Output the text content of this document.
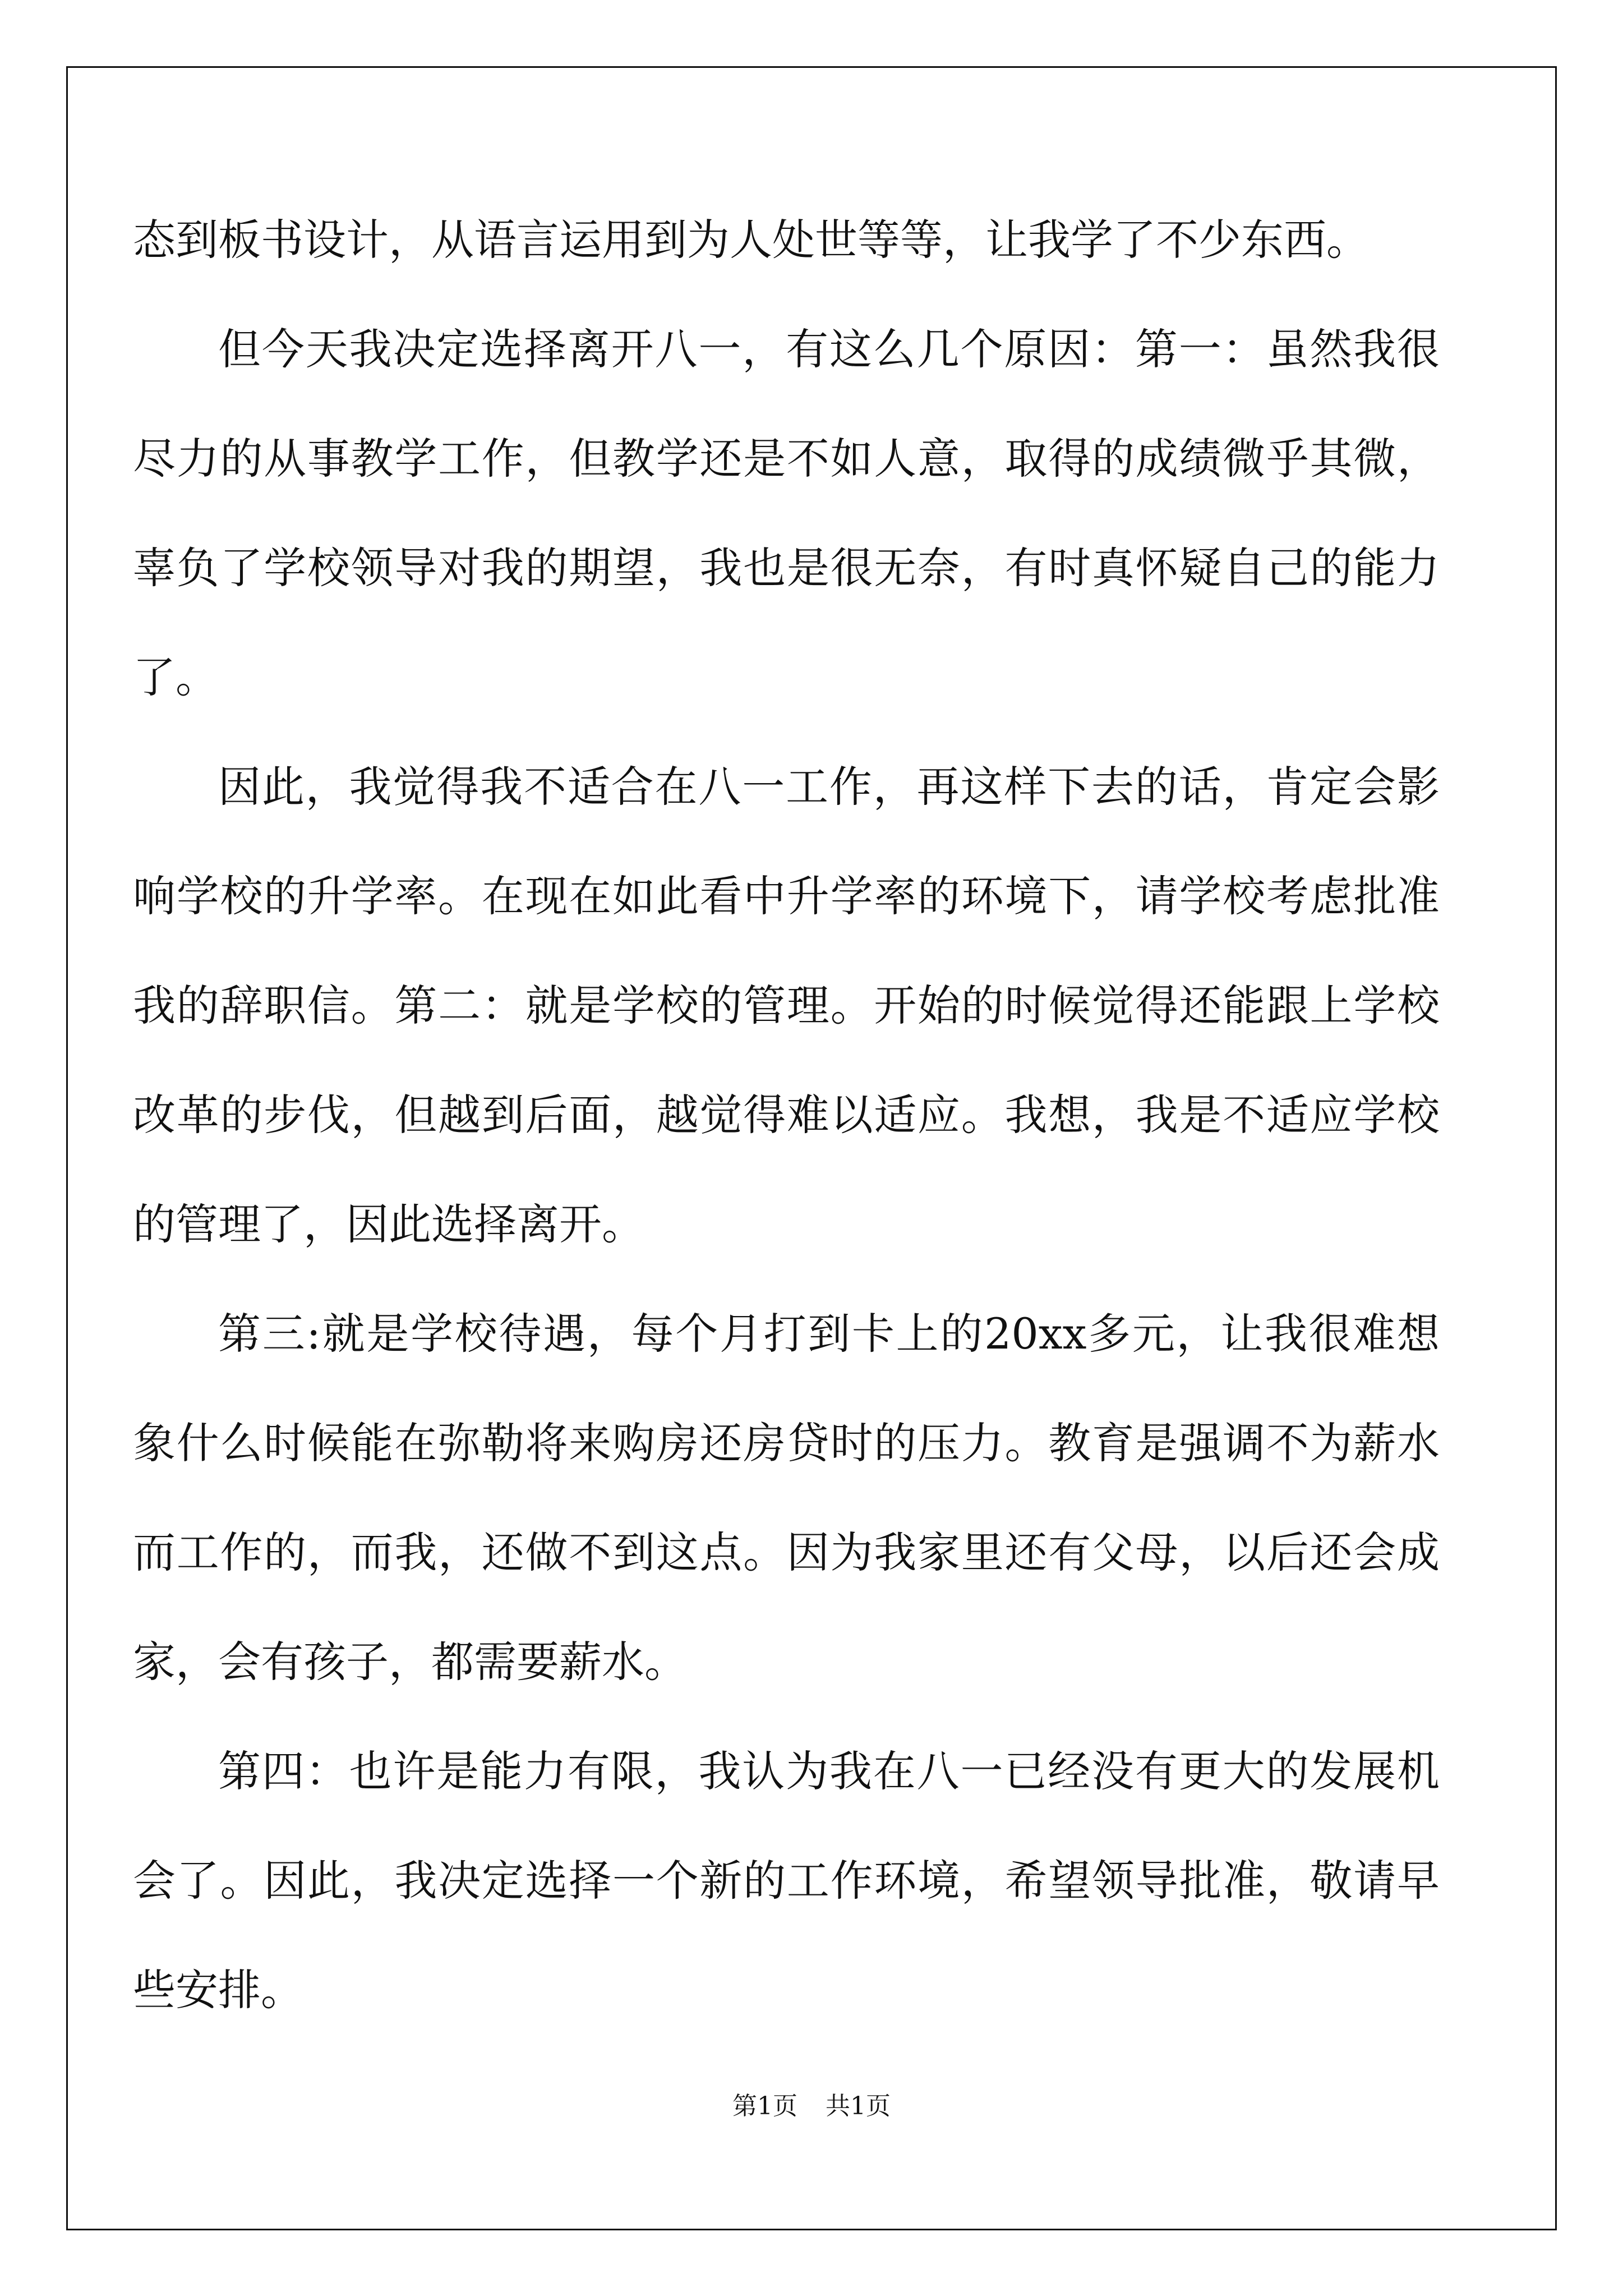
态到板书设计，从语言运用到为人处世等等，让我学了不少东西。

但今天我决定选择离开八一，有这么几个原因：第一：虽然我很尽力的从事教学工作，但教学还是不如人意，取得的成绩微乎其微，辜负了学校领导对我的期望，我也是很无奈，有时真怀疑自己的能力了。

因此，我觉得我不适合在八一工作，再这样下去的话，肯定会影响学校的升学率。在现在如此看中升学率的环境下，请学校考虑批准我的辞职信。第二：就是学校的管理。开始的时候觉得还能跟上学校改革的步伐，但越到后面，越觉得难以适应。我想，我是不适应学校的管理了，因此选择离开。

第三:就是学校待遇，每个月打到卡上的20xx多元，让我很难想象什么时候能在弥勒将来购房还房贷时的压力。教育是强调不为薪水而工作的，而我，还做不到这点。因为我家里还有父母，以后还会成家，会有孩子，都需要薪水。

第四：也许是能力有限，我认为我在八一已经没有更大的发展机会了。因此，我决定选择一个新的工作环境，希望领导批准，敬请早些安排。

第1页 共1页
